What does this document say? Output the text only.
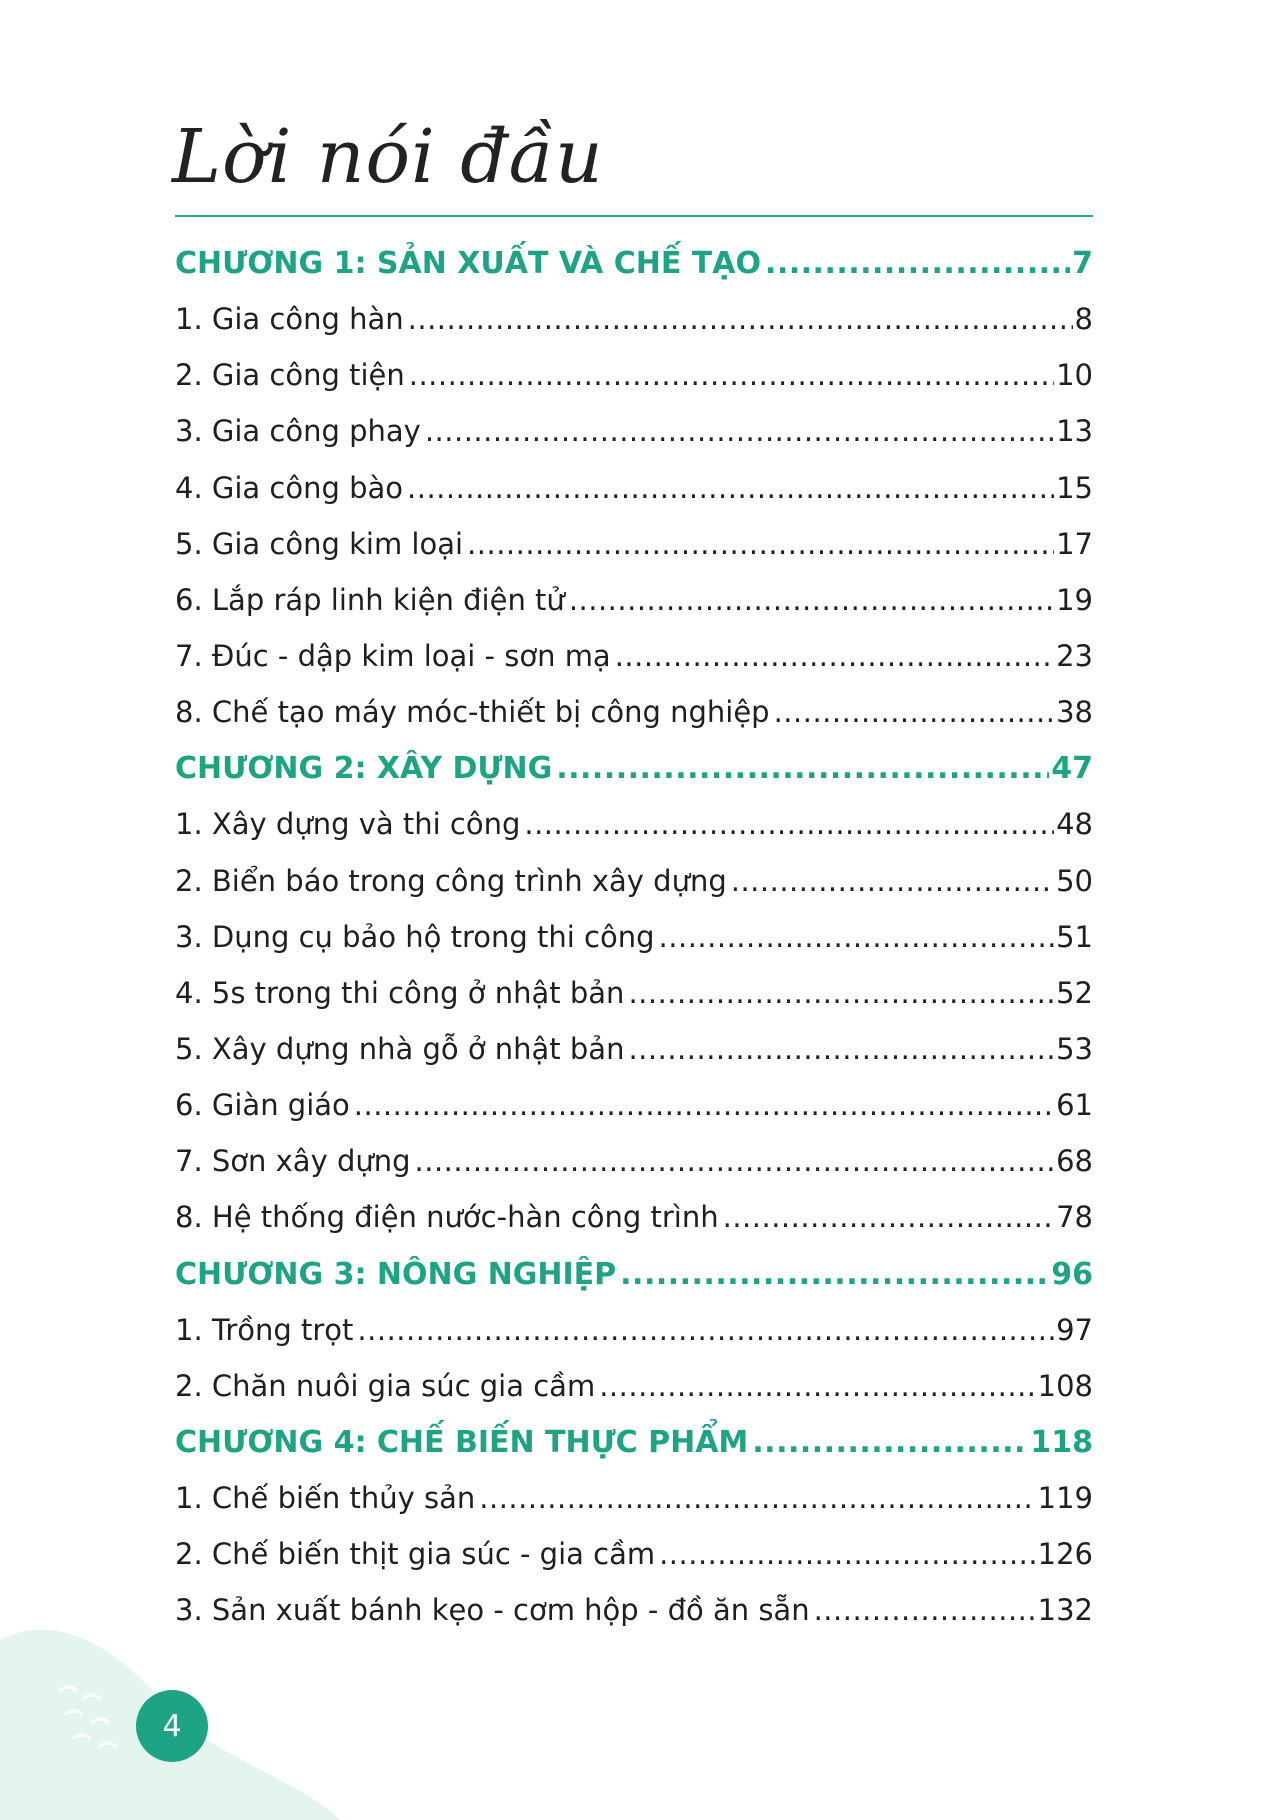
Lời nói đầu
CHƯƠNG 1: SẢN XUẤT VÀ CHẾ TẠO .....	7
1. Gia công hàn .....	8
2. Gia công tiện .....	10
3. Gia công phay .....	13
4. Gia công bào .....	15
5. Gia công kim loại .....	17
6. Lắp ráp linh kiện điện tử .....	19
7. Đúc - dập kim loại - sơn mạ .....	23
8. Chế tạo máy móc-thiết bị công nghiệp .....	38
CHƯƠNG 2: XÂY DỰNG .....	47
1. Xây dựng và thi công .....	48
2. Biển báo trong công trình xây dựng .....	50
3. Dụng cụ bảo hộ trong thi công .....	51
4. 5s trong thi công ở nhật bản .....	52
5. Xây dựng nhà gỗ ở nhật bản .....	53
6. Giàn giáo .....	61
7. Sơn xây dựng .....	68
8. Hệ thống điện nước-hàn công trình .....	78
CHƯƠNG 3: NÔNG NGHIỆP .....	96
1. Trồng trọt .....	97
2. Chăn nuôi gia súc gia cầm .....	108
CHƯƠNG 4: CHẾ BIẾN THỰC PHẨM .....	118
1. Chế biến thủy sản .....	119
2. Chế biến thịt gia súc - gia cầm .....	126
3. Sản xuất bánh kẹo - cơm hộp - đồ ăn sẵn .....	132
4
